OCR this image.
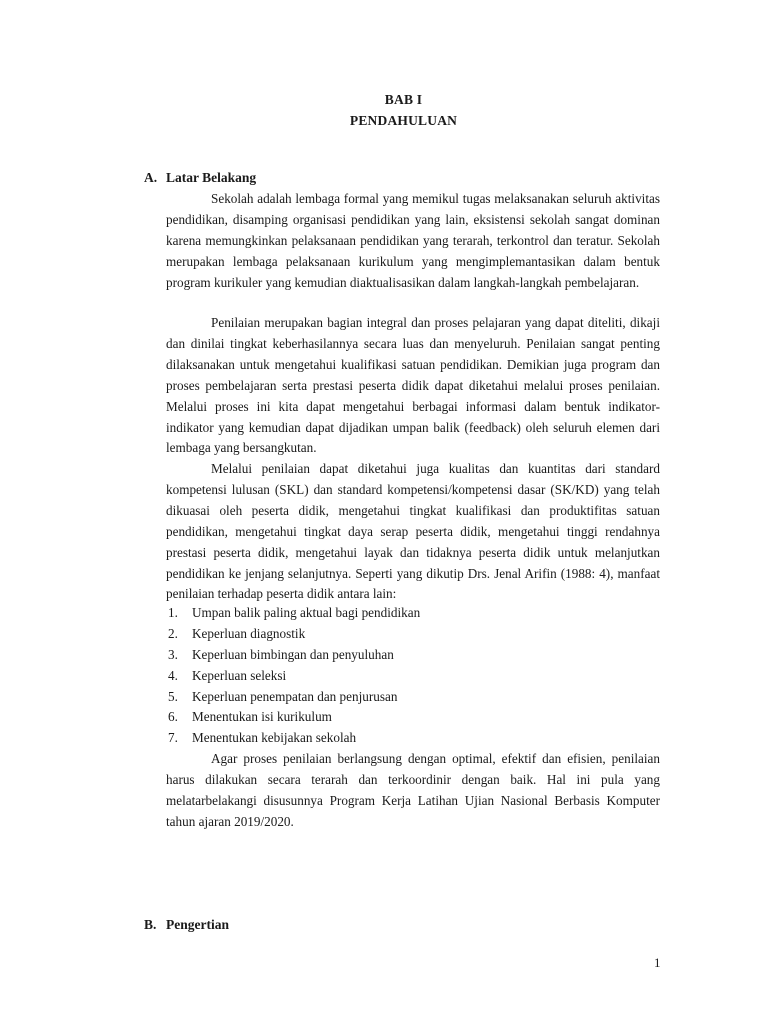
BAB I
PENDAHULUAN
A. Latar Belakang

Sekolah adalah lembaga formal yang memikul tugas melaksanakan seluruh aktivitas pendidikan, disamping organisasi pendidikan yang lain, eksistensi sekolah sangat dominan karena memungkinkan pelaksanaan pendidikan yang terarah, terkontrol dan teratur. Sekolah merupakan lembaga pelaksanaan kurikulum yang mengimplemantasikan dalam bentuk program kurikuler yang kemudian diaktualisasikan dalam langkah-langkah pembelajaran.

Penilaian merupakan bagian integral dan proses pelajaran yang dapat diteliti, dikaji dan dinilai tingkat keberhasilannya secara luas dan menyeluruh. Penilaian sangat penting dilaksanakan untuk mengetahui kualifikasi satuan pendidikan. Demikian juga program dan proses pembelajaran serta prestasi peserta didik dapat diketahui melalui proses penilaian. Melalui proses ini kita dapat mengetahui berbagai informasi dalam bentuk indikator-indikator yang kemudian dapat dijadikan umpan balik (feedback) oleh seluruh elemen dari lembaga yang bersangkutan.

Melalui penilaian dapat diketahui juga kualitas dan kuantitas dari standard kompetensi lulusan (SKL) dan standard kompetensi/kompetensi dasar (SK/KD) yang telah dikuasai oleh peserta didik, mengetahui tingkat kualifikasi dan produktifitas satuan pendidikan, mengetahui tingkat daya serap peserta didik, mengetahui tinggi rendahnya prestasi peserta didik, mengetahui layak dan tidaknya peserta didik untuk melanjutkan pendidikan ke jenjang selanjutnya. Seperti yang dikutip Drs. Jenal Arifin (1988: 4), manfaat penilaian terhadap peserta didik antara lain:

1. Umpan balik paling aktual bagi pendidikan
2. Keperluan diagnostik
3. Keperluan bimbingan dan penyuluhan
4. Keperluan seleksi
5. Keperluan penempatan dan penjurusan
6. Menentukan isi kurikulum
7. Menentukan kebijakan sekolah

Agar proses penilaian berlangsung dengan optimal, efektif dan efisien, penilaian harus dilakukan secara terarah dan terkoordinir dengan baik. Hal ini pula yang melatarbelakangi disusunnya Program Kerja Latihan Ujian Nasional Berbasis Komputer tahun ajaran 2019/2020.

B. Pengertian
1
